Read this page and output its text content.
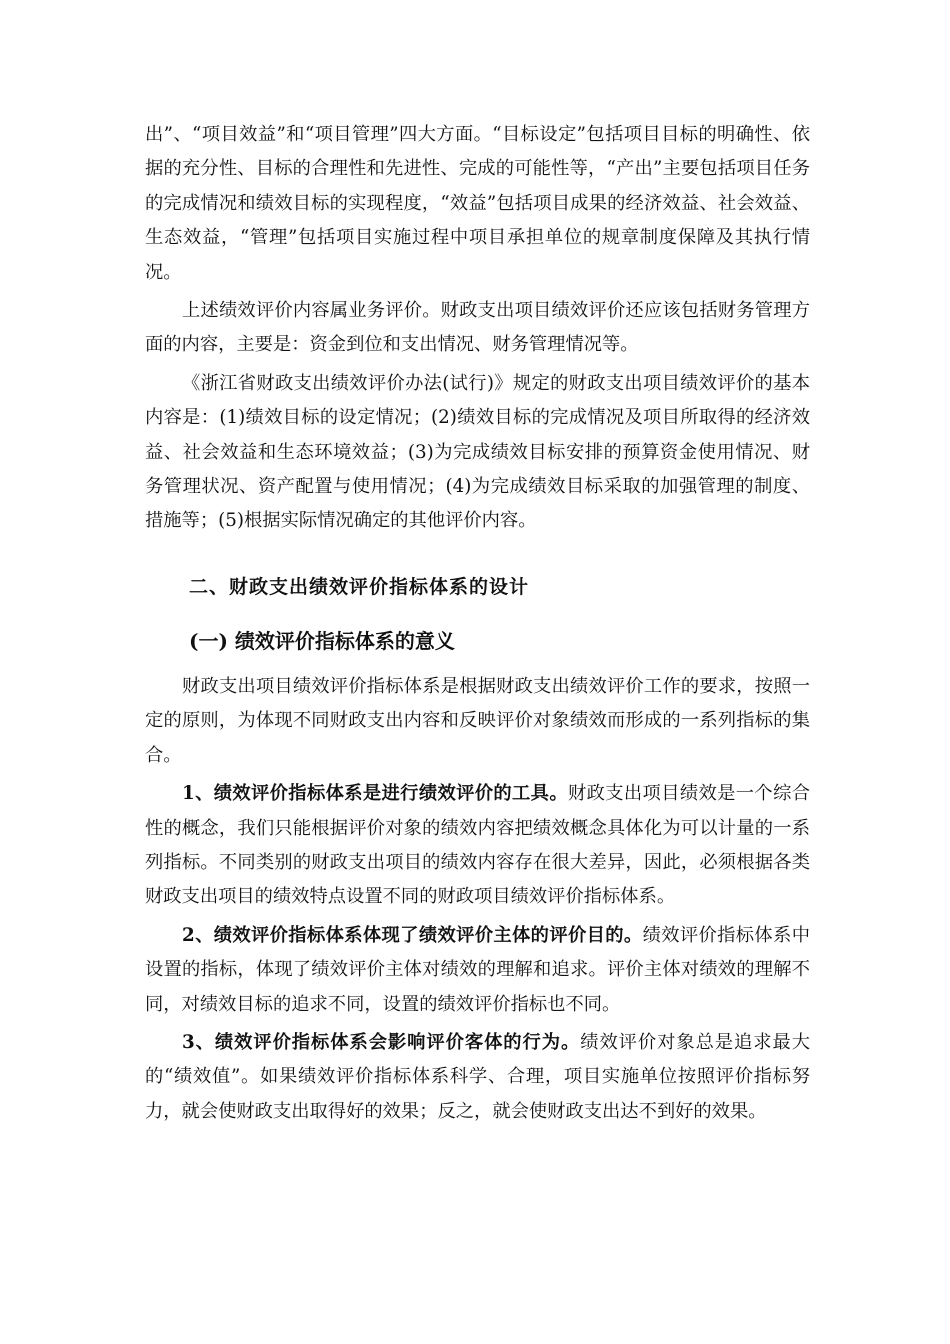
出”、“项目效益”和“项目管理”四大方面。“目标设定”包括项目目标的明确性、依据的充分性、目标的合理性和先进性、完成的可能性等，“产出”主要包括项目任务的完成情况和绩效目标的实现程度，“效益”包括项目成果的经济效益、社会效益、生态效益，“管理”包括项目实施过程中项目承担单位的规章制度保障及其执行情况。

上述绩效评价内容属业务评价。财政支出项目绩效评价还应该包括财务管理方面的内容，主要是：资金到位和支出情况、财务管理情况等。

《浙江省财政支出绩效评价办法(试行)》规定的财政支出项目绩效评价的基本内容是：(1)绩效目标的设定情况；(2)绩效目标的完成情况及项目所取得的经济效益、社会效益和生态环境效益；(3)为完成绩效目标安排的预算资金使用情况、财务管理状况、资产配置与使用情况；(4)为完成绩效目标采取的加强管理的制度、措施等；(5)根据实际情况确定的其他评价内容。

二、财政支出绩效评价指标体系的设计
(一) 绩效评价指标体系的意义

财政支出项目绩效评价指标体系是根据财政支出绩效评价工作的要求，按照一定的原则，为体现不同财政支出内容和反映评价对象绩效而形成的一系列指标的集合。

1、绩效评价指标体系是进行绩效评价的工具。财政支出项目绩效是一个综合性的概念，我们只能根据评价对象的绩效内容把绩效概念具体化为可以计量的一系列指标。不同类别的财政支出项目的绩效内容存在很大差异，因此，必须根据各类财政支出项目的绩效特点设置不同的财政项目绩效评价指标体系。

2、绩效评价指标体系体现了绩效评价主体的评价目的。绩效评价指标体系中设置的指标，体现了绩效评价主体对绩效的理解和追求。评价主体对绩效的理解不同，对绩效目标的追求不同，设置的绩效评价指标也不同。

3、绩效评价指标体系会影响评价客体的行为。绩效评价对象总是追求最大的“绩效值”。如果绩效评价指标体系科学、合理，项目实施单位按照评价指标努力，就会使财政支出取得好的效果；反之，就会使财政支出达不到好的效果。
